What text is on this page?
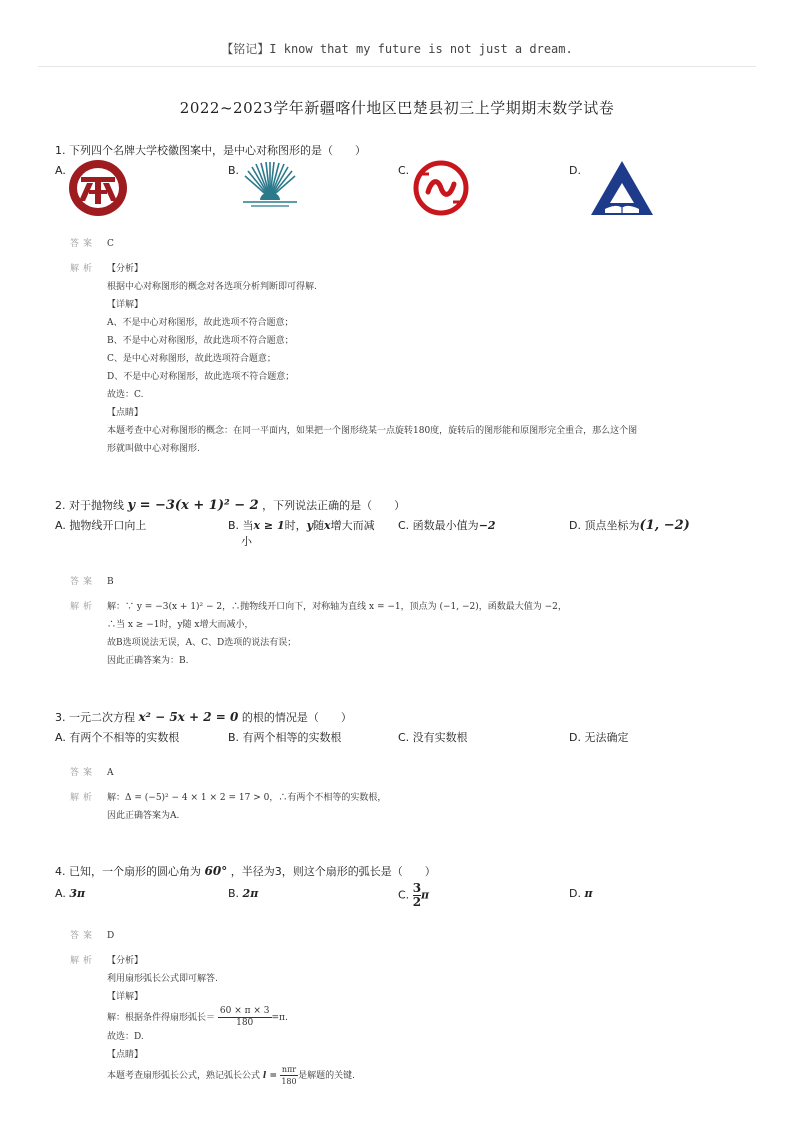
【铭记】I know that my future is not just a dream.
2022~2023学年新疆喀什地区巴楚县初三上学期期末数学试卷
1. 下列四个名牌大学校徽图案中，是中心对称图形的是（　　）
A.	B.	C.	D.
答案 C
解析 【分析】
根据中心对称图形的概念对各选项分析判断即可得解.
【详解】
A、不是中心对称图形，故此选项不符合题意；
B、不是中心对称图形，故此选项不符合题意；
C、是中心对称图形，故此选项符合题意；
D、不是中心对称图形，故此选项不符合题意；
故选：C.
【点睛】
本题考查中心对称图形的概念：在同一平面内，如果把一个图形绕某一点旋转180度，旋转后的图形能和原图形完全重合，那么这个图
形就叫做中心对称图形.
2. 对于抛物线 y = −3(x + 1)² − 2 ，下列说法正确的是（　　）
A. 抛物线开口向上	B. 当x ≥ 1时，y随x增大而减
小
C. 函数最小值为−2	D. 顶点坐标为(1, −2)
答案 B
解析 解：∵ y = −3(x + 1)² − 2，∴抛物线开口向下，对称轴为直线 x = −1，顶点为 (−1, −2)，函数最大值为 −2，
∴当 x ≥ −1时，y随 x增大而减小，
故B选项说法无误，A、C、D选项的说法有误；
因此正确答案为：B.
3. 一元二次方程 x² − 5x + 2 = 0 的根的情况是（　　）
A. 有两个不相等的实数根	B. 有两个相等的实数根	C. 没有实数根	D. 无法确定
答案 A
解析 解：Δ = (−5)² − 4 × 1 × 2 = 17 > 0，∴有两个不相等的实数根，
因此正确答案为A.
4. 已知，一个扇形的圆心角为 60° ，半径为3，则这个扇形的弧长是（　　）
A. 3π	B. 2π	C. $\frac{3}{2}$ π	D. π
答案 D
解析 【分析】
利用扇形弧长公式即可解答.
【详解】
解：根据条件得扇形弧长＝ $\frac{60 \times \pi \times 3}{180} =\pi$.
故选：D.
【点睛】
本题考查扇形弧长公式，熟记弧长公式 $l = \frac{\text{nπr}}{180}$ 是解题的关键.
